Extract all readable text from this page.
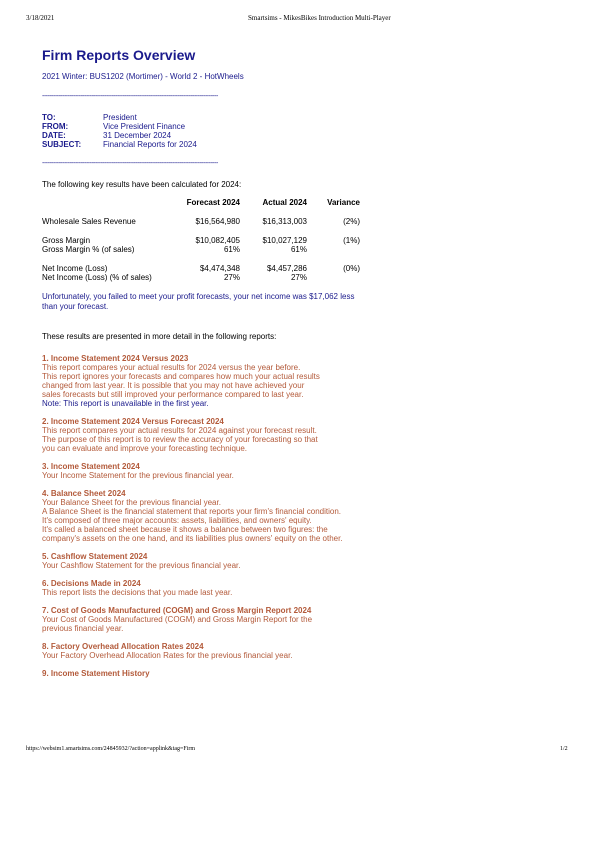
3/18/2021	Smartsims - MikesBikes Introduction Multi-Player
Firm Reports Overview
2021 Winter: BUS1202 (Mortimer) - World 2 - HotWheels
------------------------------------------------------------------------------------------------
TO:	President
FROM:	Vice President Finance
DATE:	31 December 2024
SUBJECT:	Financial Reports for 2024
------------------------------------------------------------------------------------------------
The following key results have been calculated for 2024:
	Forecast 2024	Actual 2024	Variance
Wholesale Sales Revenue	$16,564,980	$16,313,003	(2%)

Gross Margin	$10,082,405	$10,027,129	(1%)
Gross Margin % (of sales)	61%	61%	

Net Income (Loss)	$4,474,348	$4,457,286	(0%)
Net Income (Loss) (% of sales)	27%	27%	
Unfortunately, you failed to meet your profit forecasts, your net income was $17,062 less than your forecast.
These results are presented in more detail in the following reports:
1. Income Statement 2024 Versus 2023
This report compares your actual results for 2024 versus the year before.
This report ignores your forecasts and compares how much your actual results
changed from last year. It is possible that you may not have achieved your
sales forecasts but still improved your performance compared to last year.
Note: This report is unavailable in the first year.
2. Income Statement 2024 Versus Forecast 2024
This report compares your actual results for 2024 against your forecast result.
The purpose of this report is to review the accuracy of your forecasting so that
you can evaluate and improve your forecasting technique.
3. Income Statement 2024
Your Income Statement for the previous financial year.
4. Balance Sheet 2024
Your Balance Sheet for the previous financial year.
A Balance Sheet is the financial statement that reports your firm's financial condition.
It's composed of three major accounts: assets, liabilities, and owners' equity.
It's called a balanced sheet because it shows a balance between two figures: the
company's assets on the one hand, and its liabilities plus owners' equity on the other.
5. Cashflow Statement 2024
Your Cashflow Statement for the previous financial year.
6. Decisions Made in 2024
This report lists the decisions that you made last year.
7. Cost of Goods Manufactured (COGM) and Gross Margin Report 2024
Your Cost of Goods Manufactured (COGM) and Gross Margin Report for the
previous financial year.
8. Factory Overhead Allocation Rates 2024
Your Factory Overhead Allocation Rates for the previous financial year.
9. Income Statement History
https://websim1.smartsims.com/24845932/?action=applink&tag=Firm	1/2
